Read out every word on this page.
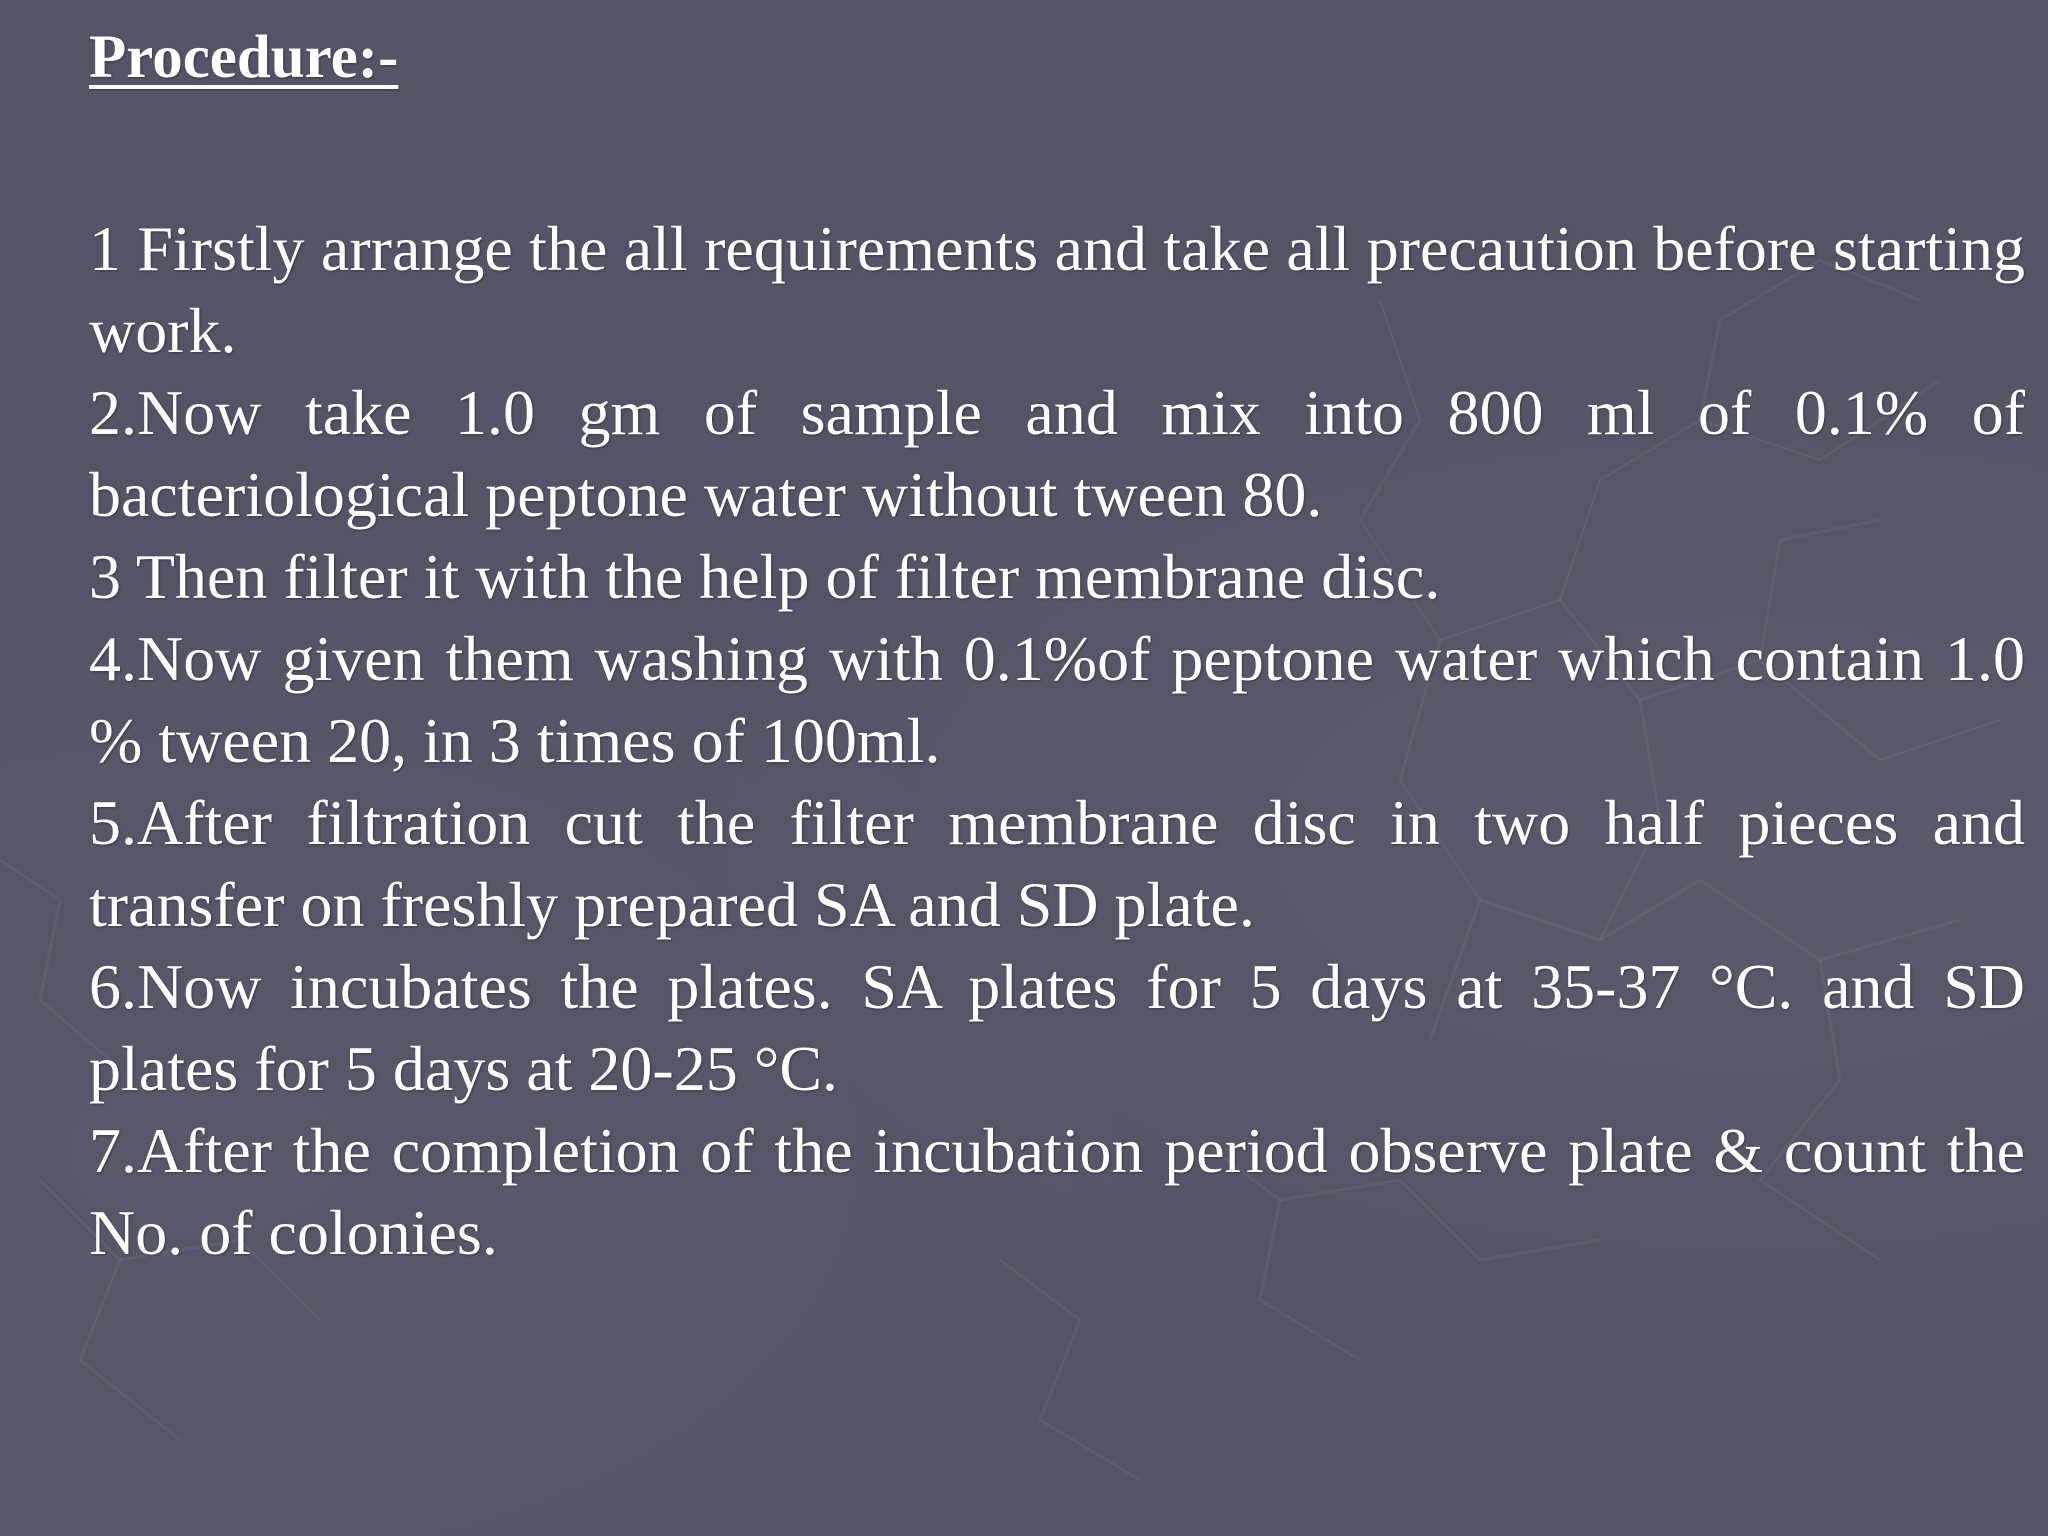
Procedure:-

1 Firstly arrange the all requirements and take all precaution before starting work.

2.Now take 1.0 gm of sample and mix into 800 ml of 0.1% of bacteriological peptone water without tween 80.

3 Then filter it with the help of filter membrane disc.

4.Now given them washing with 0.1%of peptone water which contain 1.0 % tween 20, in 3 times of 100ml.

5.After filtration cut the filter membrane disc in two half pieces and transfer on freshly prepared SA and SD plate.

6.Now incubates the plates. SA plates for 5 days at 35-37 °C. and SD plates for 5 days at 20-25 °C.

7.After the completion of the incubation period observe plate & count the No. of colonies.
